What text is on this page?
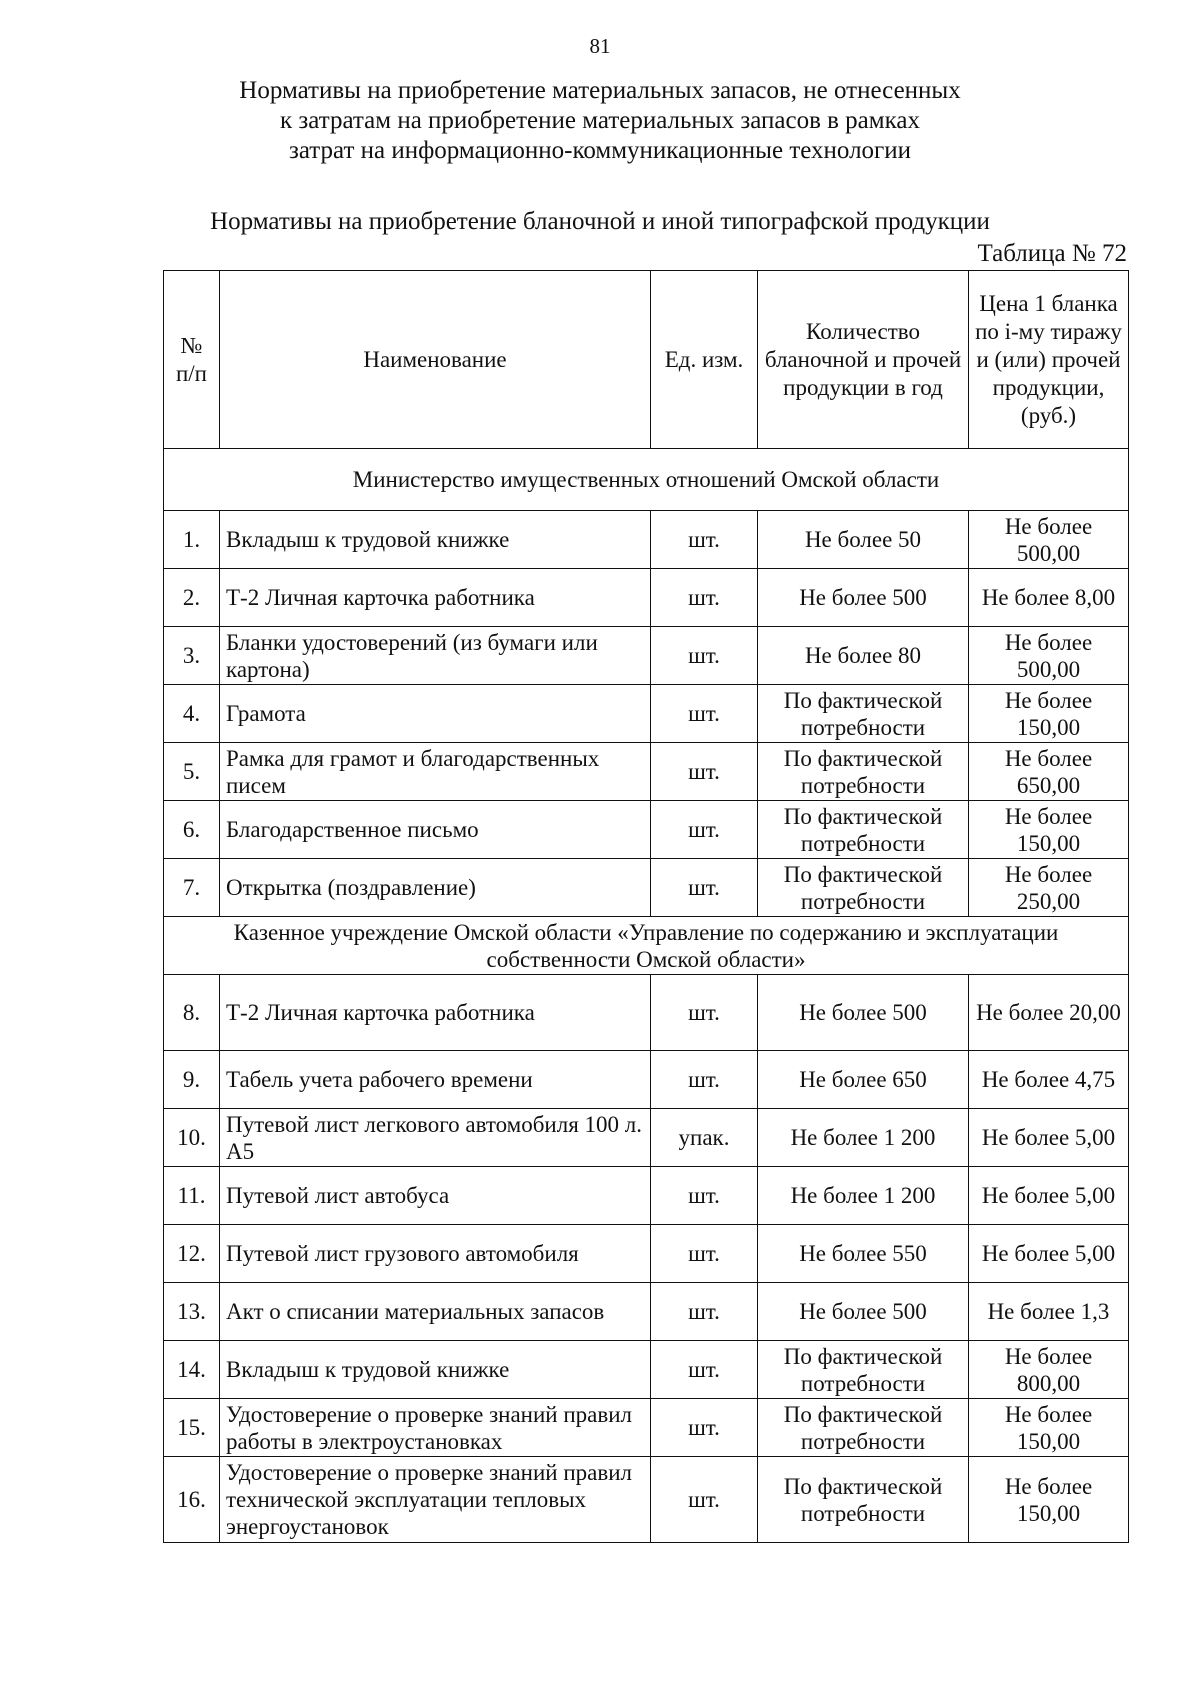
81
Нормативы на приобретение материальных запасов, не отнесенных
к затратам на приобретение материальных запасов в рамках
затрат на информационно-коммуникационные технологии
Нормативы на приобретение бланочной и иной типографской продукции
Таблица № 72
№ п/п	Наименование	Ед. изм.	Количество бланочной и прочей продукции в год	Цена 1 бланка по i-му тиражу и (или) прочей продукции, (руб.)
Министерство имущественных отношений Омской области				
1.	Вкладыш к трудовой книжке	шт.	Не более 50	Не более 500,00
2.	Т-2 Личная карточка работника	шт.	Не более 500	Не более 8,00
3.	Бланки удостоверений (из бумаги или картона)	шт.	Не более 80	Не более 500,00
4.	Грамота	шт.	По фактической потребности	Не более 150,00
5.	Рамка для грамот и благодарственных писем	шт.	По фактической потребности	Не более 650,00
6.	Благодарственное письмо	шт.	По фактической потребности	Не более 150,00
7.	Открытка (поздравление)	шт.	По фактической потребности	Не более 250,00
Казенное учреждение Омской области «Управление по содержанию и эксплуатации собственности Омской области»				
8.	Т-2 Личная карточка работника	шт.	Не более 500	Не более 20,00
9.	Табель учета рабочего времени	шт.	Не более 650	Не более 4,75
10.	Путевой лист легкового автомобиля 100 л. А5	упак.	Не более 1 200	Не более 5,00
11.	Путевой лист автобуса	шт.	Не более 1 200	Не более 5,00
12.	Путевой лист грузового автомобиля	шт.	Не более 550	Не более 5,00
13.	Акт о списании материальных запасов	шт.	Не более 500	Не более 1,3
14.	Вкладыш к трудовой книжке	шт.	По фактической потребности	Не более 800,00
15.	Удостоверение о проверке знаний правил работы в электроустановках	шт.	По фактической потребности	Не более 150,00
16.	Удостоверение о проверке знаний правил технической эксплуатации тепловых энергоустановок	шт.	По фактической потребности	Не более 150,00
